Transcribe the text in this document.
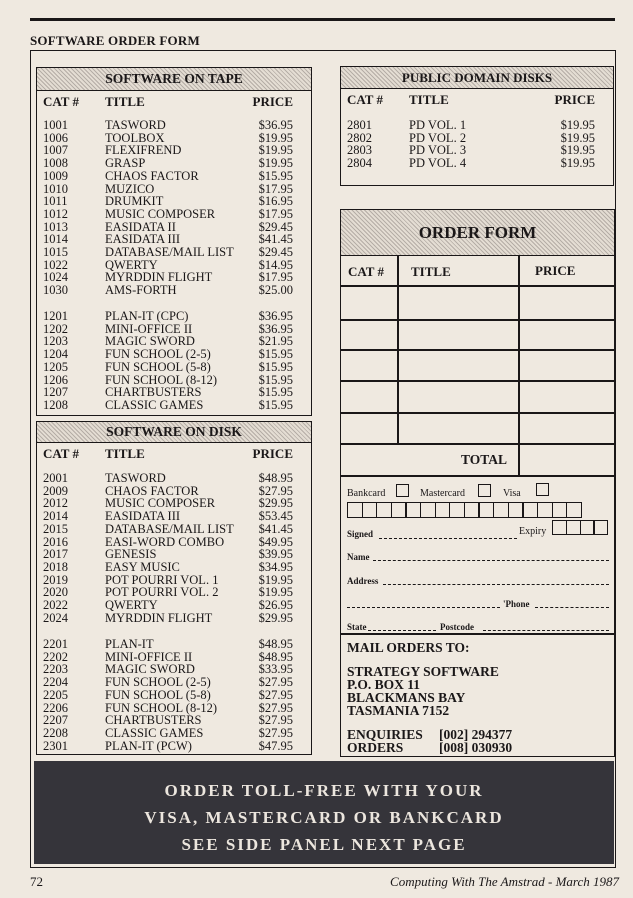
SOFTWARE ORDER FORM
SOFTWARE ON TAPE
CAT # TITLE	PRICE
1001	TASWORD	$36.95
1006	TOOLBOX	$19.95
1007	FLEXIFREND	$19.95
1008	GRASP	$19.95
1009	CHAOS FACTOR	$15.95
1010	MUZICO	$17.95
1011	DRUMKIT	$16.95
1012	MUSIC COMPOSER	$17.95
1013	EASIDATA II	$29.45
1014	EASIDATA III	$41.45
1015	DATABASE/MAIL LIST $29.45
1022	QWERTY	$14.95
1024	MYRDDIN FLIGHT	$17.95
1030	AMS-FORTH	$25.00
1201	PLAN-IT (CPC)	$36.95
1202	MINI-OFFICE II	$36.95
1203	MAGIC SWORD	$21.95
1204	FUN SCHOOL (2-5)	$15.95
1205	FUN SCHOOL (5-8)	$15.95
1206	FUN SCHOOL (8-12)	$15.95
1207	CHARTBUSTERS	$15.95
1208	CLASSIC GAMES	$15.95
SOFTWARE ON DISK
CAT # TITLE	PRICE
2001	TASWORD	$48.95
2009	CHAOS FACTOR	$27.95
2012	MUSIC COMPOSER	$29.95
2014	EASIDATA III	$53.45
2015	DATABASE/MAIL LIST $41.45
2016	EASI-WORD COMBO	$49.95
2017	GENESIS	$39.95
2018	EASY MUSIC	$34.95
2019	POT POURRI VOL. 1	$19.95
2020	POT POURRI VOL. 2	$19.95
2022	QWERTY	$26.95
2024	MYRDDIN FLIGHT	$29.95
2201	PLAN-IT	$48.95
2202	MINI-OFFICE II	$48.95
2203	MAGIC SWORD	$33.95
2204	FUN SCHOOL (2-5)	$27.95
2205	FUN SCHOOL (5-8)	$27.95
2206	FUN SCHOOL (8-12)	$27.95
2207	CHARTBUSTERS	$27.95
2208	CLASSIC GAMES	$27.95
2301	PLAN-IT (PCW)	$47.95
PUBLIC DOMAIN DISKS
CAT # TITLE	PRICE
2801	PD VOL. 1	$19.95
2802	PD VOL. 2	$19.95
2803	PD VOL. 3	$19.95
2804	PD VOL. 4	$19.95
ORDER FORM
CAT # TITLE	PRICE
TOTAL
Bankcard	Mastercard	Visa
Signed	Expiry
Name
Address
'Phone
State	Postcode
MAIL ORDERS TO:
STRATEGY SOFTWARE
P.O. BOX 11
BLACKMANS BAY
TASMANIA 7152
ENQUIRIES [002] 294377
ORDERS	[008] 030930
ORDER TOLL-FREE WITH YOUR
VISA, MASTERCARD OR BANKCARD
SEE SIDE PANEL NEXT PAGE
72	Computing With The Amstrad - March 1987
